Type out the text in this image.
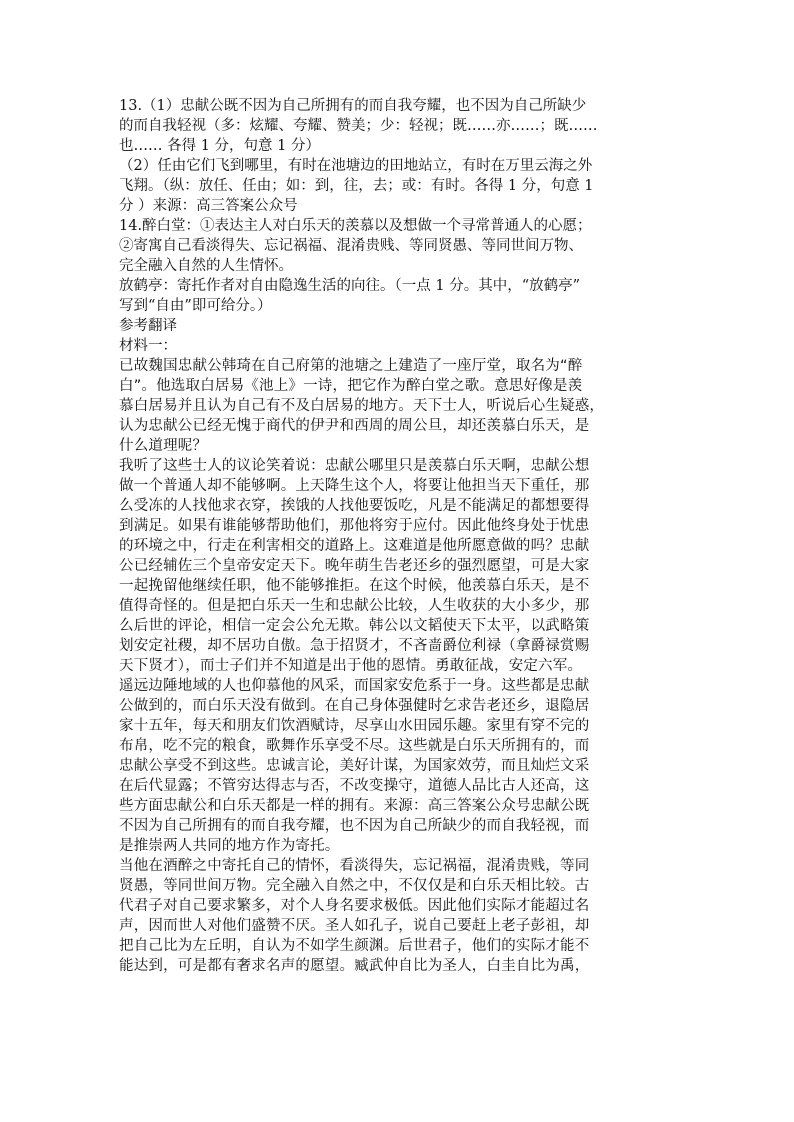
13.（1）忠献公既不因为自己所拥有的而自我夸耀，也不因为自己所缺少
的而自我轻视（多：炫耀、夸耀、赞美；少：轻视；既……亦……；既……
也…… 各得 1 分，句意 1 分）
（2）任由它们飞到哪里，有时在池塘边的田地站立，有时在万里云海之外
飞翔。（纵：放任、任由；如：到，往，去；或：有时。各得 1 分，句意 1
分 ）来源：高三答案公众号
14.醉白堂：①表达主人对白乐天的羡慕以及想做一个寻常普通人的心愿；
②寄寓自己看淡得失、忘记祸福、混淆贵贱、等同贤愚、等同世间万物、
完全融入自然的人生情怀。
放鹤亭：寄托作者对自由隐逸生活的向往。（一点 1 分。其中，“放鹤亭”
写到“自由”即可给分。）
参考翻译
材料一：
已故魏国忠献公韩琦在自己府第的池塘之上建造了一座厅堂，取名为“醉
白”。他选取白居易《池上》一诗，把它作为醉白堂之歌。意思好像是羡
慕白居易并且认为自己有不及白居易的地方。天下士人，听说后心生疑惑，
认为忠献公已经无愧于商代的伊尹和西周的周公旦，却还羡慕白乐天，是
什么道理呢？
我听了这些士人的议论笑着说：忠献公哪里只是羡慕白乐天啊，忠献公想
做一个普通人却不能够啊。上天降生这个人，将要让他担当天下重任，那
么受冻的人找他求衣穿，挨饿的人找他要饭吃，凡是不能满足的都想要得
到满足。如果有谁能够帮助他们，那他将穷于应付。因此他终身处于忧患
的环境之中，行走在利害相交的道路上。这难道是他所愿意做的吗？忠献
公已经辅佐三个皇帝安定天下。晚年萌生告老还乡的强烈愿望，可是大家
一起挽留他继续任职，他不能够推拒。在这个时候，他羡慕白乐天，是不
值得奇怪的。但是把白乐天一生和忠献公比较，人生收获的大小多少，那
么后世的评论，相信一定会公允无欺。韩公以文韬使天下太平，以武略策
划安定社稷，却不居功自傲。急于招贤才，不吝啬爵位利禄（拿爵禄赏赐
天下贤才），而士子们并不知道是出于他的恩情。勇敢征战，安定六军。
遥远边陲地域的人也仰慕他的风采，而国家安危系于一身。这些都是忠献
公做到的，而白乐天没有做到。在自己身体强健时乞求告老还乡，退隐居
家十五年，每天和朋友们饮酒赋诗，尽享山水田园乐趣。家里有穿不完的
布帛，吃不完的粮食，歌舞作乐享受不尽。这些就是白乐天所拥有的，而
忠献公享受不到这些。忠诚言论，美好计谋，为国家效劳，而且灿烂文采
在后代显露；不管穷达得志与否，不改变操守，道德人品比古人还高，这
些方面忠献公和白乐天都是一样的拥有。来源：高三答案公众号忠献公既
不因为自己所拥有的而自我夸耀，也不因为自己所缺少的而自我轻视，而
是推崇两人共同的地方作为寄托。
当他在酒醉之中寄托自己的情怀，看淡得失，忘记祸福，混淆贵贱，等同
贤愚，等同世间万物。完全融入自然之中，不仅仅是和白乐天相比较。古
代君子对自己要求繁多，对个人身名要求极低。因此他们实际才能超过名
声，因而世人对他们盛赞不厌。圣人如孔子，说自己要赶上老子彭祖，却
把自己比为左丘明，自认为不如学生颜渊。后世君子，他们的实际才能不
能达到，可是都有奢求名声的愿望。臧武仲自比为圣人，白圭自比为禹，
